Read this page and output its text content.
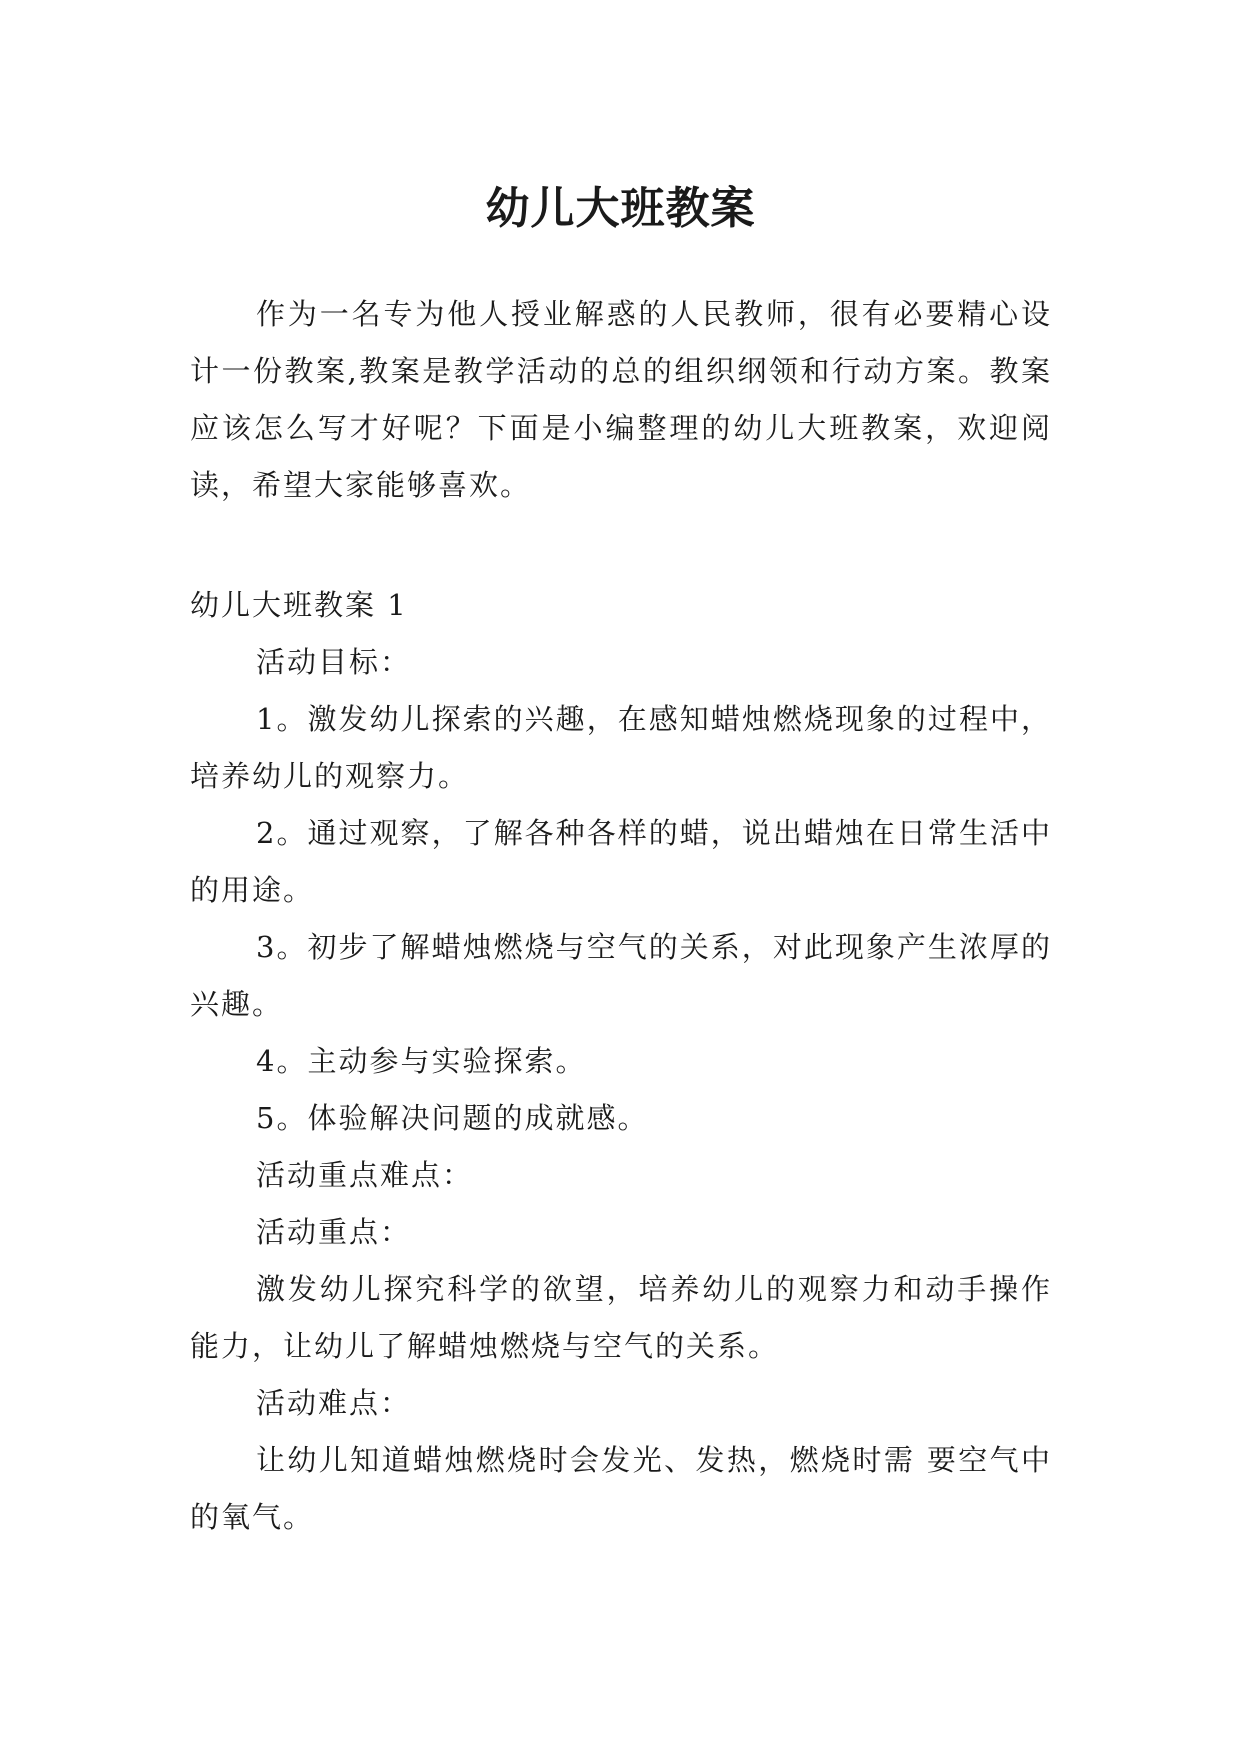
幼儿大班教案

作为一名专为他人授业解惑的人民教师，很有必要精心设计一份教案,教案是教学活动的总的组织纲领和行动方案。教案应该怎么写才好呢？下面是小编整理的幼儿大班教案，欢迎阅读，希望大家能够喜欢。

幼儿大班教案 1

活动目标：

1。激发幼儿探索的兴趣，在感知蜡烛燃烧现象的过程中，培养幼儿的观察力。

2。通过观察，了解各种各样的蜡，说出蜡烛在日常生活中的用途。

3。初步了解蜡烛燃烧与空气的关系，对此现象产生浓厚的兴趣。

4。主动参与实验探索。

5。体验解决问题的成就感。

活动重点难点：

活动重点：

激发幼儿探究科学的欲望，培养幼儿的观察力和动手操作能力，让幼儿了解蜡烛燃烧与空气的关系。

活动难点：

让幼儿知道蜡烛燃烧时会发光、发热，燃烧时需 要空气中的氧气。
